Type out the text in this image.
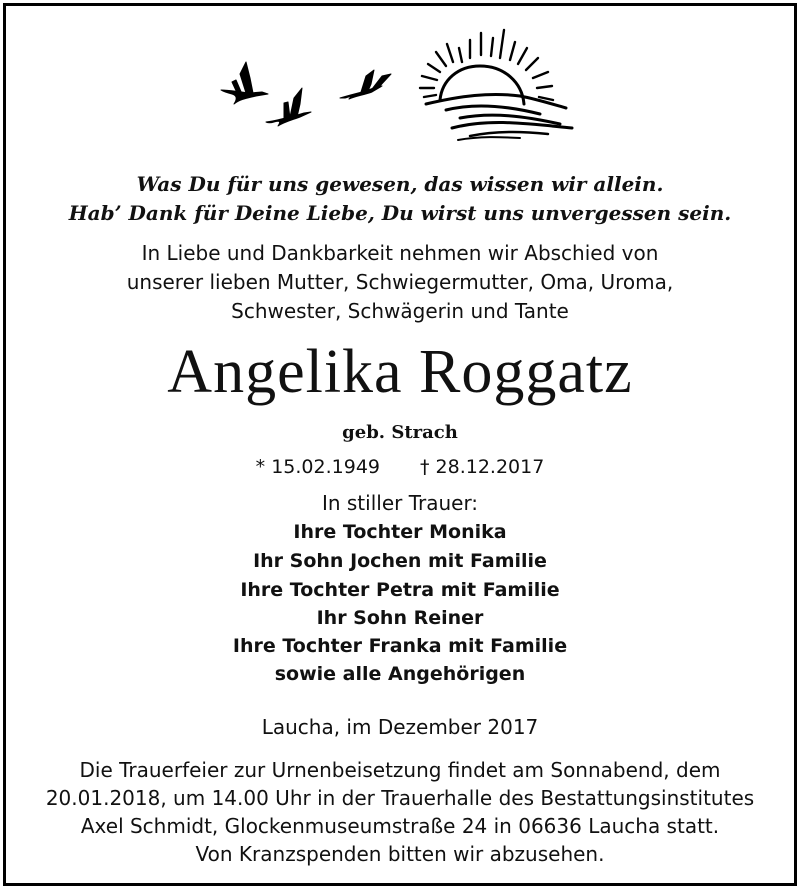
Was Du für uns gewesen, das wissen wir allein.
Hab’ Dank für Deine Liebe, Du wirst uns unvergessen sein.
In Liebe und Dankbarkeit nehmen wir Abschied von
unserer lieben Mutter, Schwiegermutter, Oma, Uroma,
Schwester, Schwägerin und Tante
Angelika Roggatz
geb. Strach
* 15.02.1949 † 28.12.2017
In stiller Trauer:
Ihre Tochter Monika
Ihr Sohn Jochen mit Familie
Ihre Tochter Petra mit Familie
Ihr Sohn Reiner
Ihre Tochter Franka mit Familie
sowie alle Angehörigen
Laucha, im Dezember 2017
Die Trauerfeier zur Urnenbeisetzung findet am Sonnabend, dem
20.01.2018, um 14.00 Uhr in der Trauerhalle des Bestattungsinstitutes
Axel Schmidt, Glockenmuseumstraße 24 in 06636 Laucha statt.
Von Kranzspenden bitten wir abzusehen.
